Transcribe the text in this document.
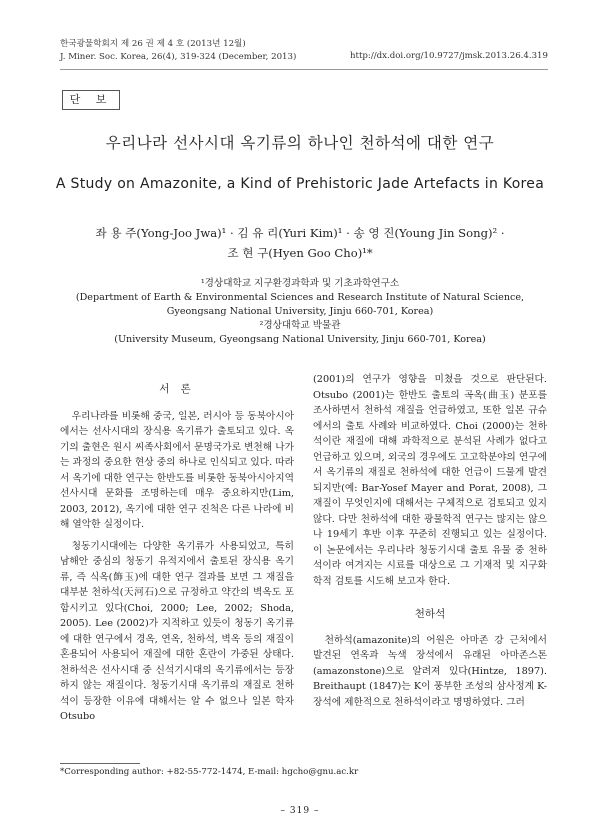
한국광물학회지 제 26 권 제 4 호 (2013년 12월)
J. Miner. Soc. Korea, 26(4), 319-324 (December, 2013)	http://dx.doi.org/10.9727/jmsk.2013.26.4.319
단 보
우리나라 선사시대 옥기류의 하나인 천하석에 대한 연구
A Study on Amazonite, a Kind of Prehistoric Jade Artefacts in Korea
좌 용 주(Yong-Joo Jwa)¹ · 김 유 리(Yuri Kim)¹ · 송 영 진(Young Jin Song)² ·
조 현 구(Hyen Goo Cho)¹*
¹경상대학교 지구환경과학과 및 기초과학연구소
(Department of Earth & Environmental Sciences and Research Institute of Natural Science,
Gyeongsang National University, Jinju 660-701, Korea)
²경상대학교 박물관
(University Museum, Gyeongsang National University, Jinju 660-701, Korea)
서 론

우리나라를 비롯해 중국, 일본, 러시아 등 동북아시아에서는 선사시대의 장식용 옥기류가 출토되고 있다. 옥기의 출현은 원시 씨족사회에서 문명국가로 변천해 나가는 과정의 중요한 현상 중의 하나로 인식되고 있다. 따라서 옥기에 대한 연구는 한반도를 비롯한 동북아시아지역 선사시대 문화를 조명하는데 매우 중요하지만(Lim, 2003, 2012), 옥기에 대한 연구 진척은 다른 나라에 비해 열악한 실정이다.

청동기시대에는 다양한 옥기류가 사용되었고, 특히 남해안 중심의 청동기 유적지에서 출토된 장식용 옥기류, 즉 식옥(飾玉)에 대한 연구 결과를 보면 그 재질을 대부분 천하석(天河石)으로 규정하고 약간의 벽옥도 포함시키고 있다(Choi, 2000; Lee, 2002; Shoda, 2005). Lee (2002)가 지적하고 있듯이 청동기 옥기류에 대한 연구에서 경옥, 연옥, 천하석, 벽옥 등의 재질이 혼용되어 사용되어 재질에 대한 혼란이 가중된 상태다. 천하석은 선사시대 중 신석기시대의 옥기류에서는 등장하지 않는 재질이다. 청동기시대 옥기류의 재질로 천하석이 등장한 이유에 대해서는 알 수 없으나 일본 학자 Otsubo

(2001)의 연구가 영향을 미쳤을 것으로 판단된다. Otsubo (2001)는 한반도 출토의 곡옥(曲玉) 분포를 조사하면서 천하석 재질을 언급하였고, 또한 일본 규슈에서의 출토 사례와 비교하였다. Choi (2000)는 천하석이란 재질에 대해 과학적으로 분석된 사례가 없다고 언급하고 있으며, 외국의 경우에도 고고학분야의 연구에서 옥기류의 재질로 천하석에 대한 언급이 드물게 발견되지만(예: Bar-Yosef Mayer and Porat, 2008), 그 재질이 무엇인지에 대해서는 구체적으로 검토되고 있지 않다. 다만 천하석에 대한 광물학적 연구는 많지는 않으나 19세기 후반 이후 꾸준히 진행되고 있는 실정이다. 이 논문에서는 우리나라 청동기시대 출토 유물 중 천하석이라 여겨지는 시료를 대상으로 그 기재적 및 지구화학적 검토를 시도해 보고자 한다.

천하석

천하석(amazonite)의 어원은 아마존 강 근처에서 발견된 연옥과 녹색 장석에서 유래된 아마존스톤(amazonstone)으로 알려져 있다(Hintze, 1897). Breithaupt (1847)는 K이 풍부한 조성의 삼사정계 K-장석에 제한적으로 천하석이라고 명명하였다. 그러

*Corresponding author: +82-55-772-1474, E-mail: hgcho@gnu.ac.kr
– 319 –
